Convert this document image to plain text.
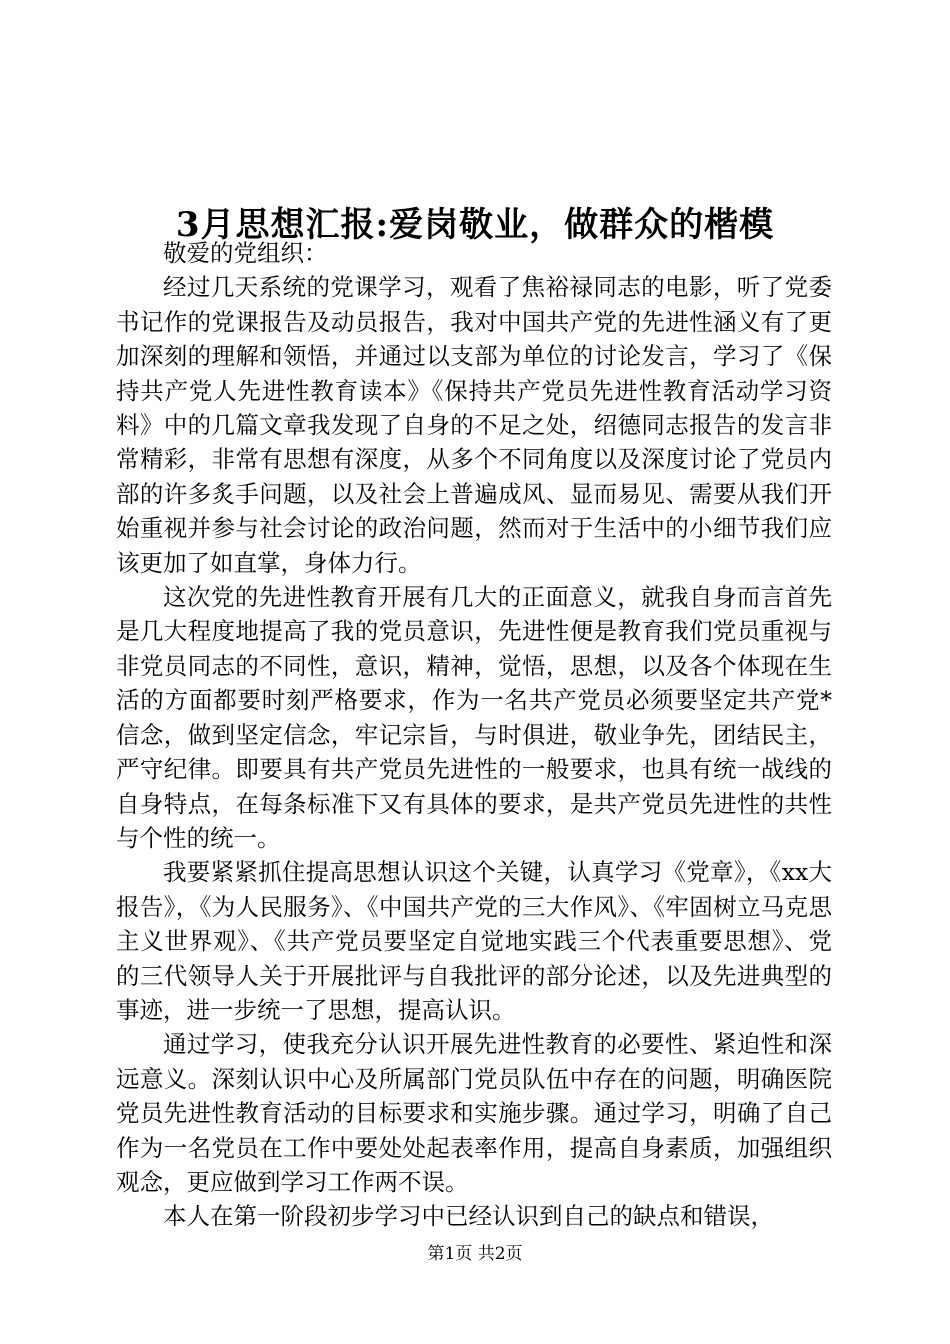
3月思想汇报:爱岗敬业，做群众的楷模

敬爱的党组织：

经过几天系统的党课学习，观看了焦裕禄同志的电影，听了党委书记作的党课报告及动员报告，我对中国共产党的先进性涵义有了更加深刻的理解和领悟，并通过以支部为单位的讨论发言，学习了《保持共产党人先进性教育读本》《保持共产党员先进性教育活动学习资料》中的几篇文章我发现了自身的不足之处，绍德同志报告的发言非常精彩，非常有思想有深度，从多个不同角度以及深度讨论了党员内部的许多炙手问题，以及社会上普遍成风、显而易见、需要从我们开始重视并参与社会讨论的政治问题，然而对于生活中的小细节我们应该更加了如直掌，身体力行。

这次党的先进性教育开展有几大的正面意义，就我自身而言首先是几大程度地提高了我的党员意识，先进性便是教育我们党员重视与非党员同志的不同性，意识，精神，觉悟，思想，以及各个体现在生活的方面都要时刻严格要求，作为一名共产党员必须要坚定共产党*信念，做到坚定信念，牢记宗旨，与时俱进，敬业争先，团结民主，严守纪律。即要具有共产党员先进性的一般要求，也具有统一战线的自身特点，在每条标准下又有具体的要求，是共产党员先进性的共性与个性的统一。

我要紧紧抓住提高思想认识这个关键，认真学习《党章》，《xx大报告》，《为人民服务》、《中国共产党的三大作风》、《牢固树立马克思主义世界观》、《共产党员要坚定自觉地实践三个代表重要思想》、党的三代领导人关于开展批评与自我批评的部分论述，以及先进典型的事迹，进一步统一了思想，提高认识。

通过学习，使我充分认识开展先进性教育的必要性、紧迫性和深远意义。深刻认识中心及所属部门党员队伍中存在的问题，明确医院党员先进性教育活动的目标要求和实施步骤。通过学习，明确了自己作为一名党员在工作中要处处起表率作用，提高自身素质，加强组织观念，更应做到学习工作两不误。

本人在第一阶段初步学习中已经认识到自己的缺点和错误，

第1页 共2页
